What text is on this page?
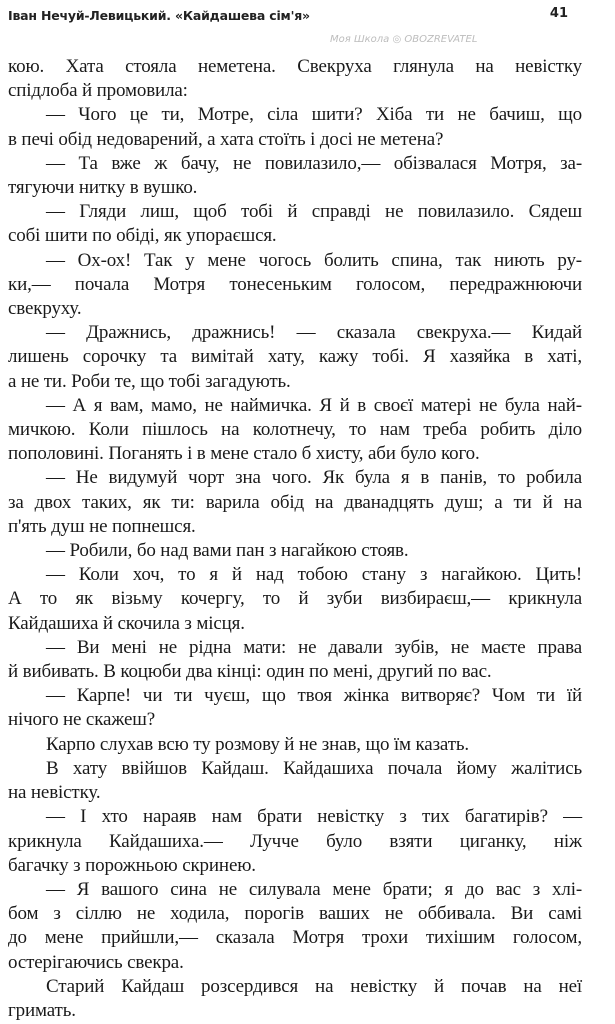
Іван Нечуй-Левицький. «Кайдашева сім'я»	41
Моя Школа ◎ OBOZREVATEL
кою. Хата стояла неметена. Свекруха глянула на невістку
спідлоба й промовила:
— Чого це ти, Мотре, сіла шити? Хіба ти не бачиш, що
в печі обід недоварений, а хата стоїть і досі не метена?
— Та вже ж бачу, не повилазило,— обізвалася Мотря, за-
тягуючи нитку в вушко.
— Гляди лиш, щоб тобі й справді не повилазило. Сядеш
собі шити по обіді, як упораєшся.
— Ох-ох! Так у мене чогось болить спина, так ниють ру-
ки,— почала Мотря тонесеньким голосом, передражнюючи
свекруху.
— Дражнись, дражнись! — сказала свекруха.— Кидай
лишень сорочку та вимітай хату, кажу тобі. Я хазяйка в хаті,
а не ти. Роби те, що тобі загадують.
— А я вам, мамо, не наймичка. Я й в своєї матері не була най-
мичкою. Коли пішлось на колотнечу, то нам треба робить діло
пополовині. Поганять і в мене стало б хисту, аби було кого.
— Не видумуй чорт зна чого. Як була я в панів, то робила
за двох таких, як ти: варила обід на дванадцять душ; а ти й на
п'ять душ не попнешся.
— Робили, бо над вами пан з нагайкою стояв.
— Коли хоч, то я й над тобою стану з нагайкою. Цить!
А то як візьму кочергу, то й зуби визбираєш,— крикнула
Кайдашиха й скочила з місця.
— Ви мені не рідна мати: не давали зубів, не маєте права
й вибивать. В коцюби два кінці: один по мені, другий по вас.
— Карпе! чи ти чуєш, що твоя жінка витворяє? Чом ти їй
нічого не скажеш?
Карпо слухав всю ту розмову й не знав, що їм казать.
В хату ввійшов Кайдаш. Кайдашиха почала йому жалітись
на невістку.
— І хто нараяв нам брати невістку з тих багатирів? —
крикнула Кайдашиха.— Лучче було взяти циганку, ніж
багачку з порожньою скринею.
— Я вашого сина не силувала мене брати; я до вас з хлі-
бом з сіллю не ходила, порогів ваших не оббивала. Ви самі
до мене прийшли,— сказала Мотря трохи тихішим голосом,
остерігаючись свекра.
Старий Кайдаш розсердився на невістку й почав на неї
гримать.
